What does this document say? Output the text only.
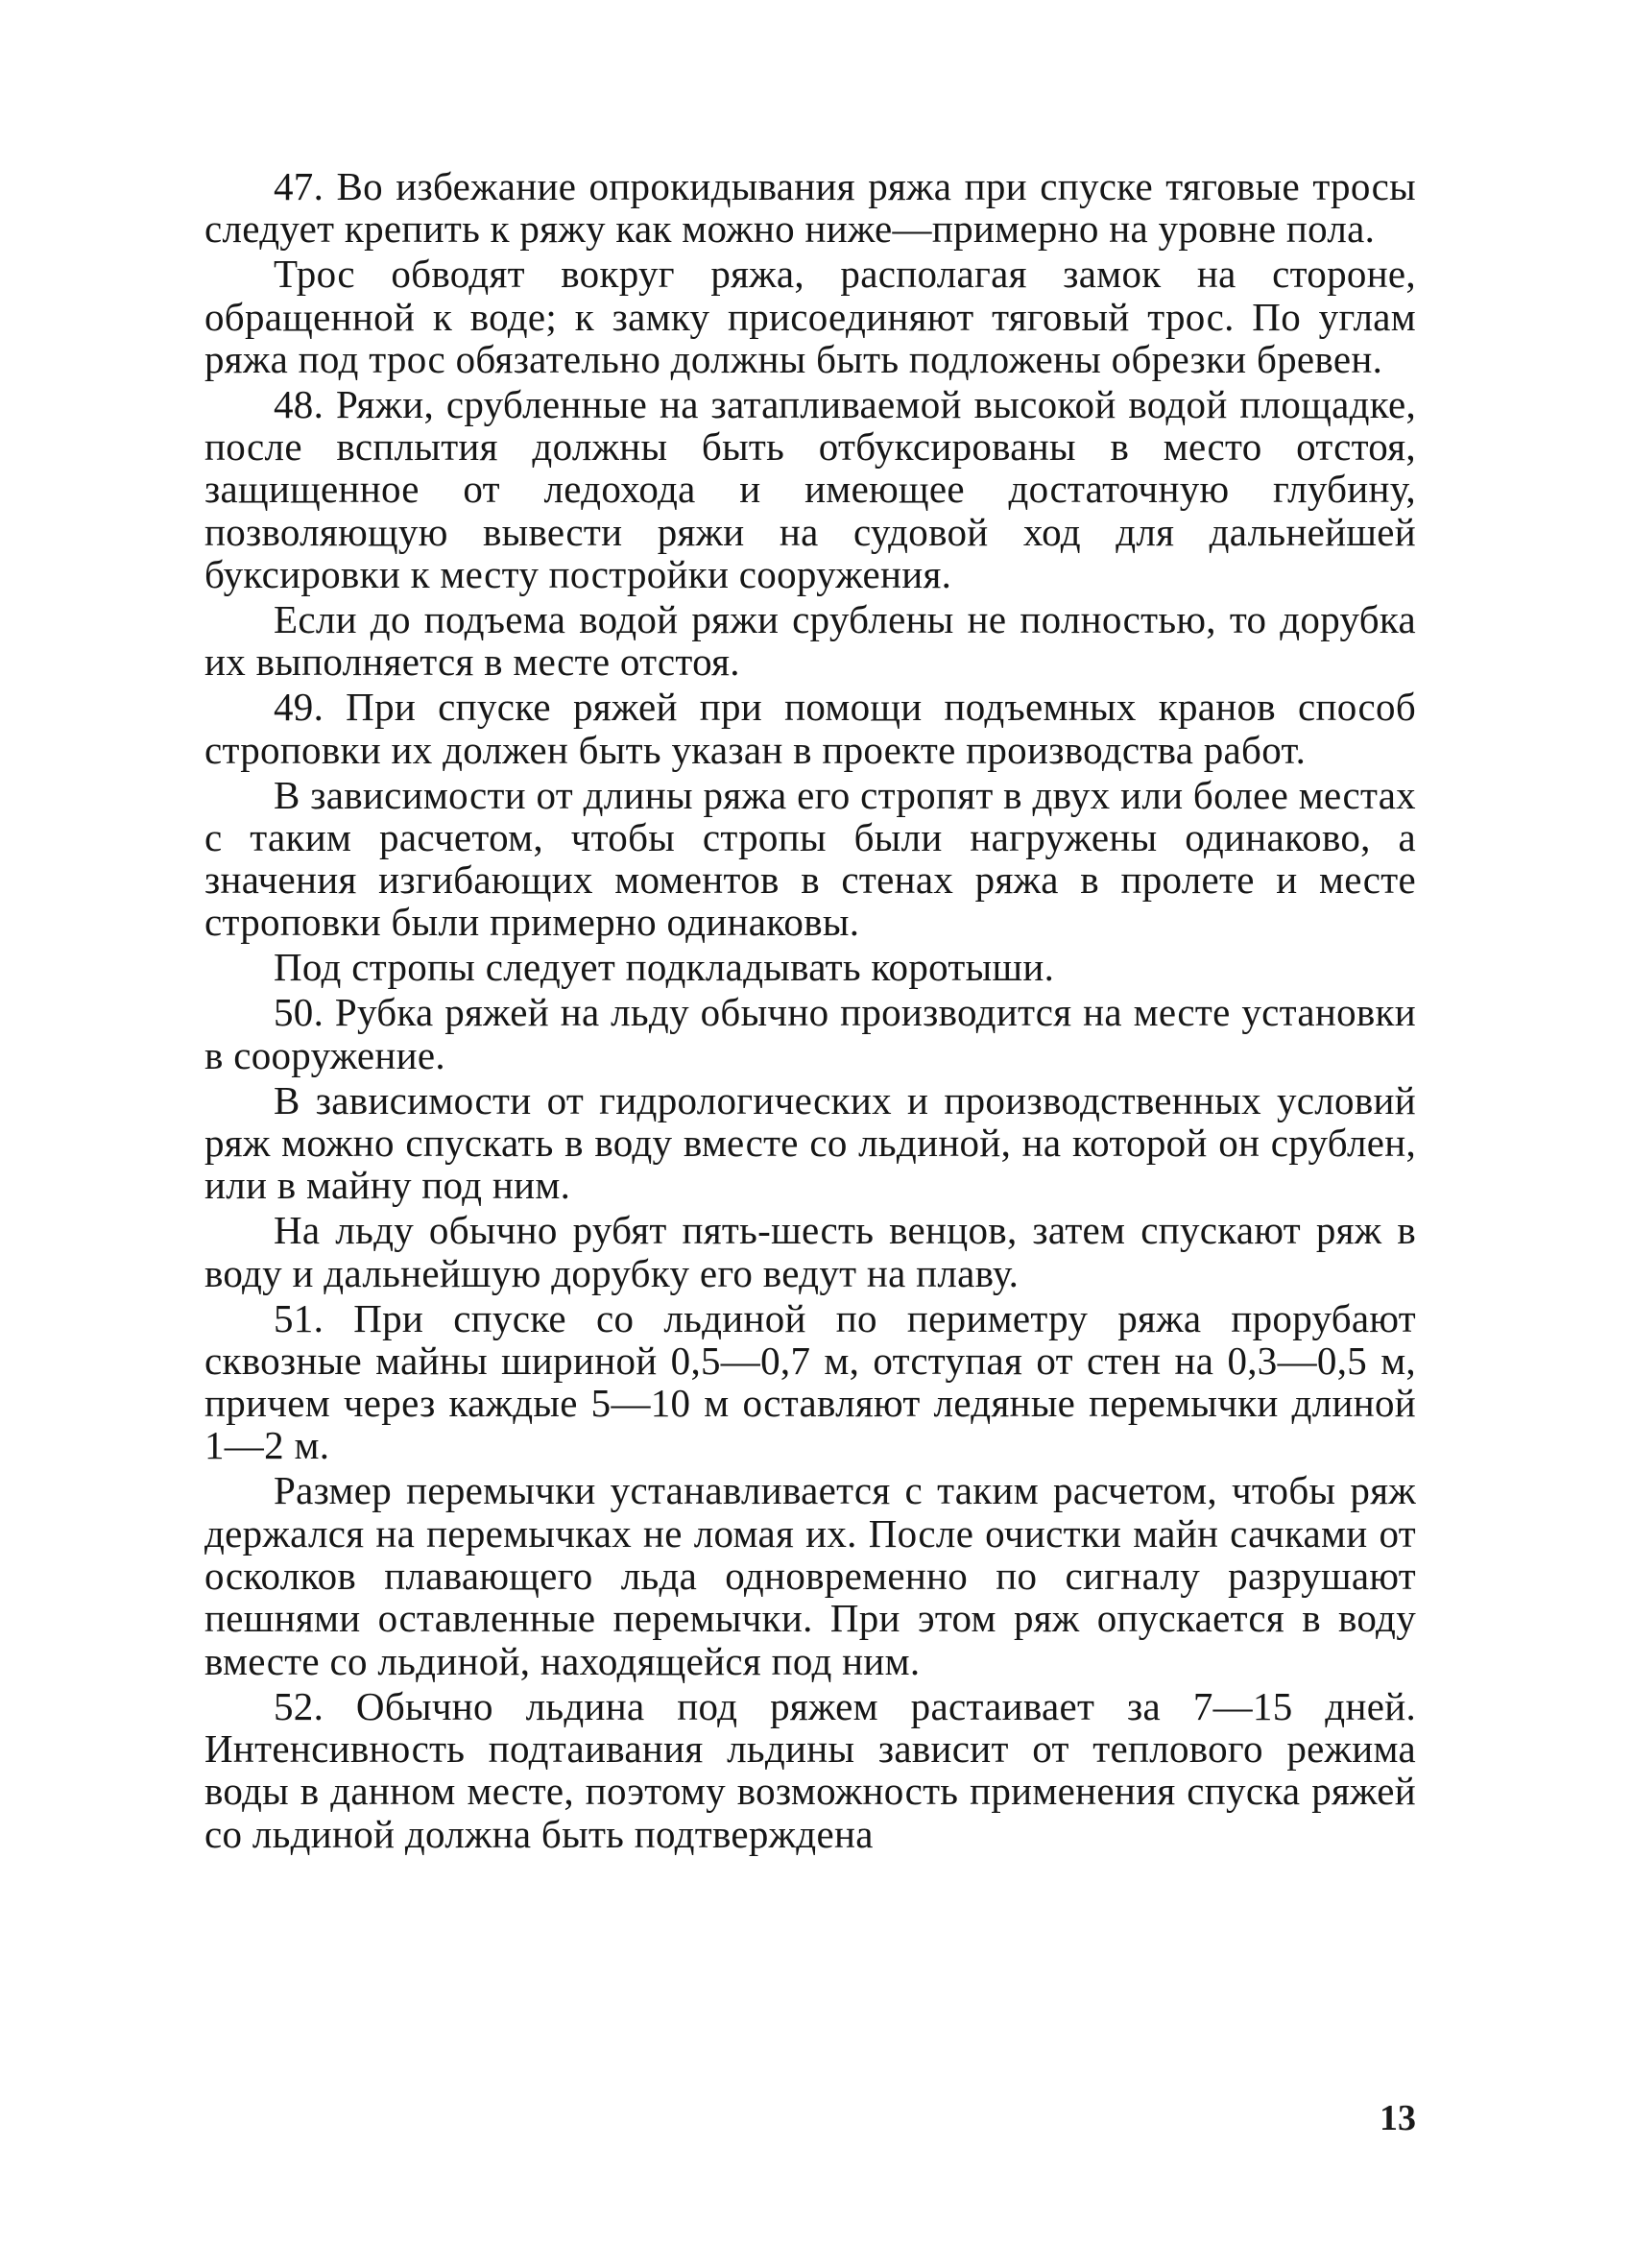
47. Во избежание опрокидывания ряжа при спуске тяговые тросы следует крепить к ряжу как можно ниже—примерно на уровне пола.

Трос обводят вокруг ряжа, располагая замок на стороне, обращенной к воде; к замку присоединяют тяговый трос. По углам ряжа под трос обязательно должны быть подложены обрезки бревен.

48. Ряжи, срубленные на затапливаемой высокой водой площадке, после всплытия должны быть отбуксированы в место отстоя, защищенное от ледохода и имеющее достаточную глубину, позволяющую вывести ряжи на судовой ход для дальнейшей буксировки к месту постройки сооружения.

Если до подъема водой ряжи срублены не полностью, то дорубка их выполняется в месте отстоя.

49. При спуске ряжей при помощи подъемных кранов способ строповки их должен быть указан в проекте производства работ.

В зависимости от длины ряжа его стропят в двух или более местах с таким расчетом, чтобы стропы были нагружены одинаково, а значения изгибающих моментов в стенах ряжа в пролете и месте строповки были примерно одинаковы.

Под стропы следует подкладывать коротыши.

50. Рубка ряжей на льду обычно производится на месте установки в сооружение.

В зависимости от гидрологических и производственных условий ряж можно спускать в воду вместе со льдиной, на которой он срублен, или в майну под ним.

На льду обычно рубят пять-шесть венцов, затем спускают ряж в воду и дальнейшую дорубку его ведут на плаву.

51. При спуске со льдиной по периметру ряжа прорубают сквозные майны шириной 0,5—0,7 м, отступая от стен на 0,3—0,5 м, причем через каждые 5—10 м оставляют ледяные перемычки длиной 1—2 м.

Размер перемычки устанавливается с таким расчетом, чтобы ряж держался на перемычках не ломая их. После очистки майн сачками от осколков плавающего льда одновременно по сигналу разрушают пешнями оставленные перемычки. При этом ряж опускается в воду вместе со льдиной, находящейся под ним.

52. Обычно льдина под ряжем растаивает за 7—15 дней. Интенсивность подтаивания льдины зависит от теплового режима воды в данном месте, поэтому возможность применения спуска ряжей со льдиной должна быть подтверждена

13
